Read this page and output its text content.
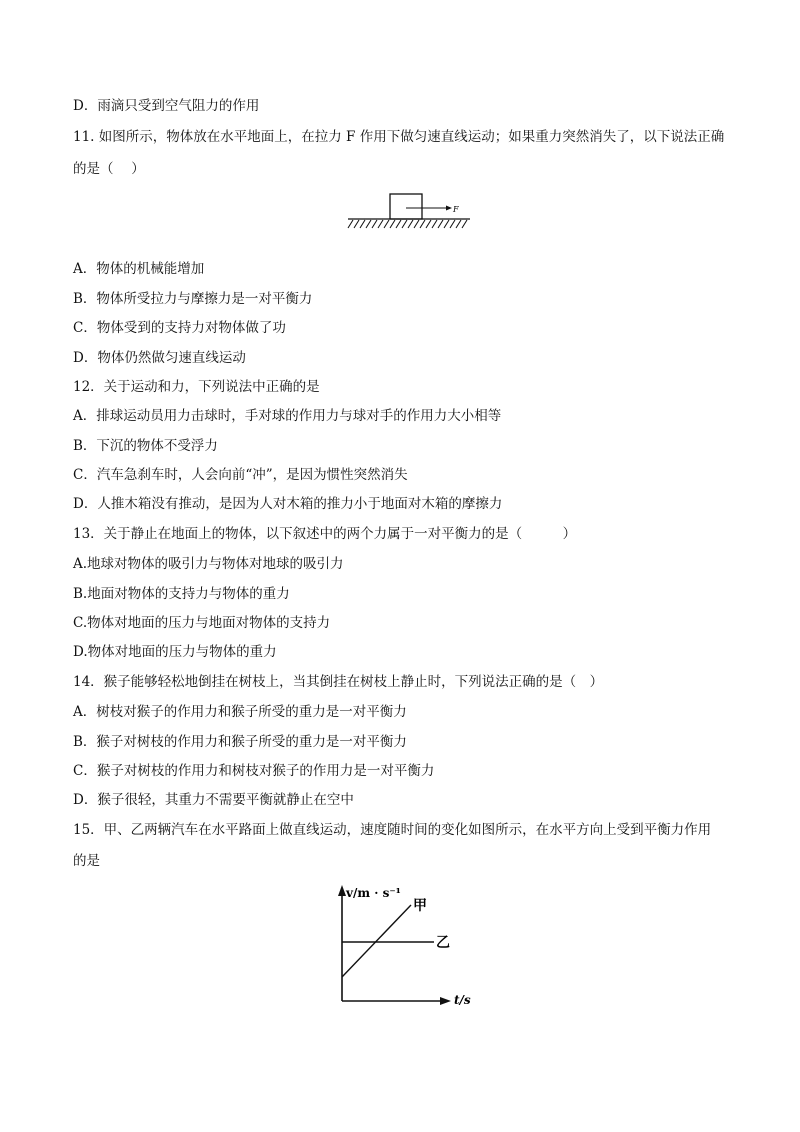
D．雨滴只受到空气阻力的作用
11. 如图所示，物体放在水平地面上，在拉力 F 作用下做匀速直线运动；如果重力突然消失了，以下说法正确
的是（　 ）
F
A．物体的机械能增加
B．物体所受拉力与摩擦力是一对平衡力
C．物体受到的支持力对物体做了功
D．物体仍然做匀速直线运动
12．关于运动和力，下列说法中正确的是
A．排球运动员用力击球时，手对球的作用力与球对手的作用力大小相等
B．下沉的物体不受浮力
C．汽车急刹车时，人会向前“冲”，是因为惯性突然消失
D．人推木箱没有推动，是因为人对木箱的推力小于地面对木箱的摩擦力
13．关于静止在地面上的物体，以下叙述中的两个力属于一对平衡力的是（　　　）
A.地球对物体的吸引力与物体对地球的吸引力
B.地面对物体的支持力与物体的重力
C.物体对地面的压力与地面对物体的支持力
D.物体对地面的压力与物体的重力
14．猴子能够轻松地倒挂在树枝上，当其倒挂在树枝上静止时，下列说法正确的是（　）
A．树枝对猴子的作用力和猴子所受的重力是一对平衡力
B．猴子对树枝的作用力和猴子所受的重力是一对平衡力
C．猴子对树枝的作用力和树枝对猴子的作用力是一对平衡力
D．猴子很轻，其重力不需要平衡就静止在空中
15．甲、乙两辆汽车在水平路面上做直线运动，速度随时间的变化如图所示，在水平方向上受到平衡力作用
的是
v/m · s⁻¹
t/s
甲
乙
